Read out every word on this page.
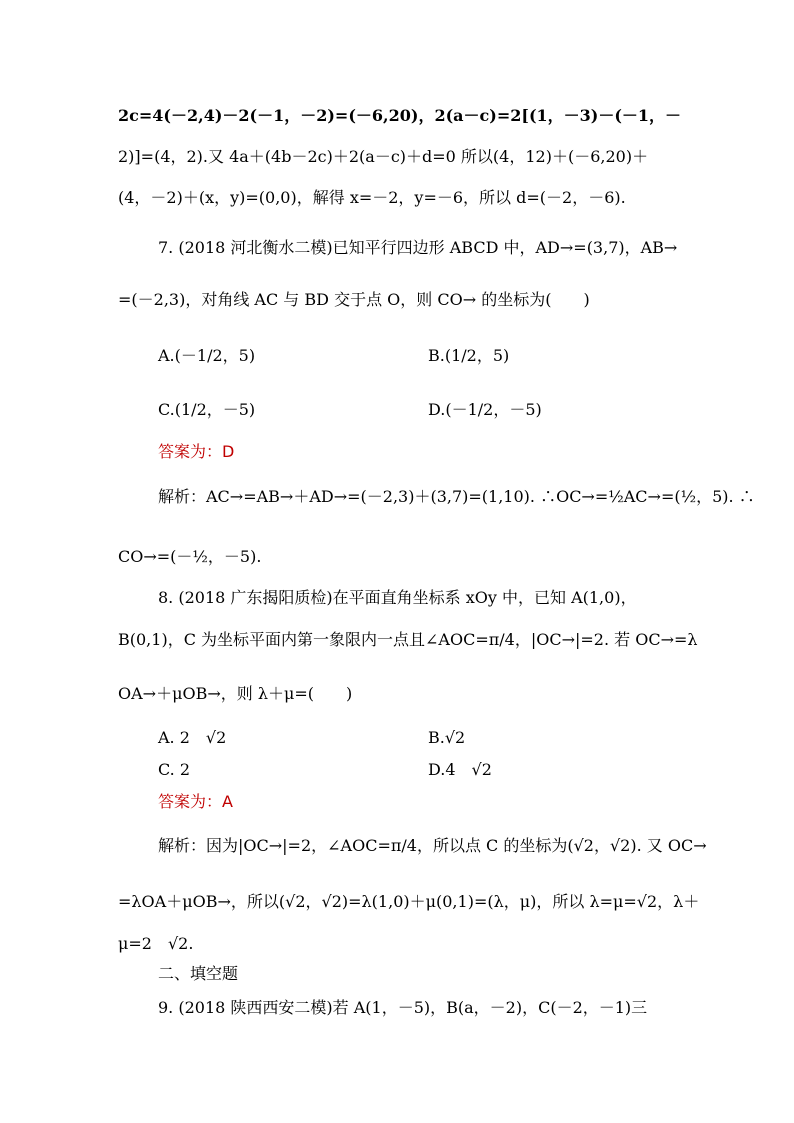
2c=4(－2,4)－2(－1，－2)=(－6,20)，2(a－c)=2[(1，－3)－(－1，－
2)]=(4，2).又 4a＋(4b－2c)＋2(a－c)＋d=0 所以(4，12)＋(－6,20)＋
(4，－2)＋(x，y)=(0,0)，解得 x=－2，y=－6，所以 d=(－2，－6).
7. (2018 河北衡水二模)已知平行四边形 ABCD 中，AD→=(3,7)，AB→
=(－2,3)，对角线 AC 与 BD 交于点 O，则 CO→ 的坐标为(　　)
A.(－1/2，5)	B.(1/2，5)
C.(1/2，－5)	D.(－1/2，－5)
答案为：D
解析：AC→=AB→＋AD→=(－2,3)＋(3,7)=(1,10). ∴OC→=½AC→=(½，5). ∴
CO→=(－½，－5).
8. (2018 广东揭阳质检)在平面直角坐标系 xOy 中，已知 A(1,0)，
B(0,1)，C 为坐标平面内第一象限内一点且∠AOC=π/4，|OC→|=2. 若 OC→=λ
OA→＋μOB→，则 λ＋μ=(　　)
A. 2　√2	B.√2
C. 2	D.4　√2
答案为：A
解析：因为|OC→|=2，∠AOC=π/4，所以点 C 的坐标为(√2，√2). 又 OC→
=λOA＋μOB→，所以(√2，√2)=λ(1,0)＋μ(0,1)=(λ，μ)，所以 λ=μ=√2，λ＋
μ=2　√2.
二、填空题
9. (2018 陕西西安二模)若 A(1，－5)，B(a，－2)，C(－2，－1)三
